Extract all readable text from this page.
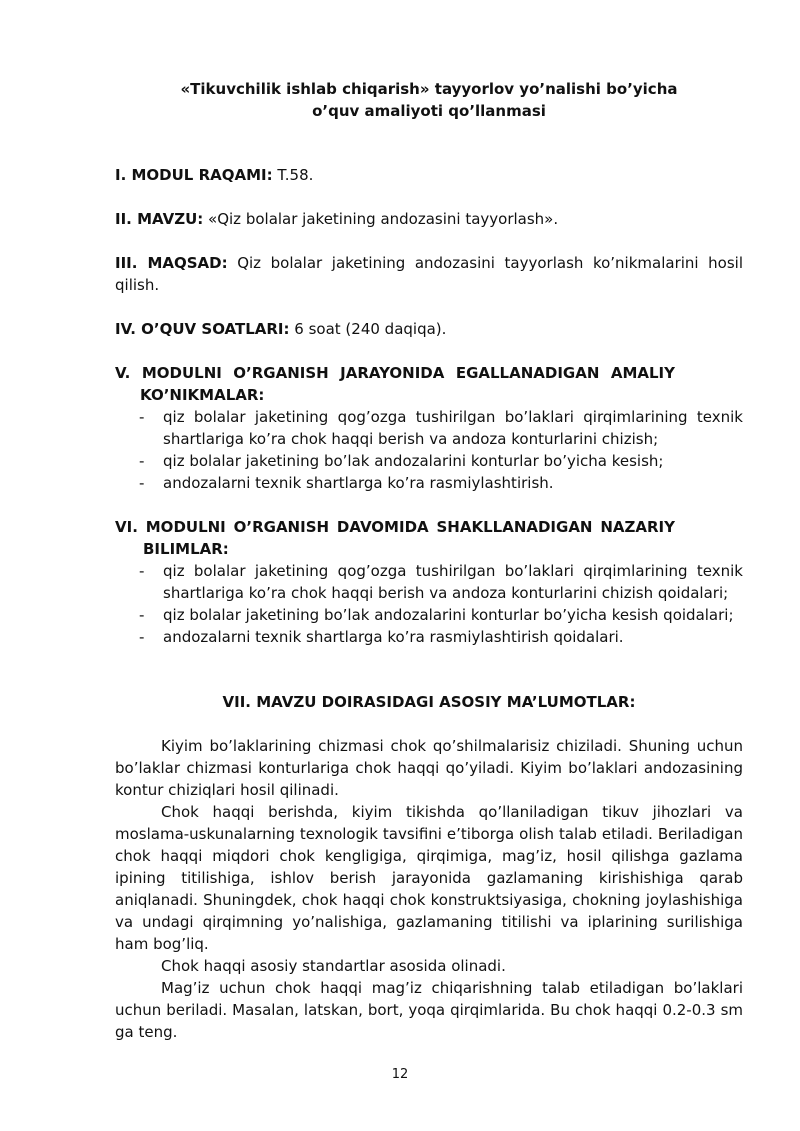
«Tikuvchilik ishlab chiqarish» tayyorlov yo’nalishi bo’yicha
o’quv amaliyoti qo’llanmasi
I. MODUL RAQAMI: T.58.
II. MAVZU: «Qiz bolalar jaketining andozasini tayyorlash».
III. MAQSAD: Qiz bolalar jaketining andozasini tayyorlash ko’nikmalarini hosil qilish.
IV. O’QUV SOATLARI: 6 soat (240 daqiqa).
V. MODULNI O’RGANISH JARAYONIDA EGALLANADIGAN AMALIY
KO’NIKMALAR:
- qiz bolalar jaketining qog’ozga tushirilgan bo’laklari qirqimlarining texnik shartlariga ko’ra chok haqqi berish va andoza konturlarini chizish;
- qiz bolalar jaketining bo’lak andozalarini konturlar bo’yicha kesish;
- andozalarni texnik shartlarga ko’ra rasmiylashtirish.
VI. MODULNI O’RGANISH DAVOMIDA SHAKLLANADIGAN NAZARIY
BILIMLAR:
- qiz bolalar jaketining qog’ozga tushirilgan bo’laklari qirqimlarining texnik shartlariga ko’ra chok haqqi berish va andoza konturlarini chizish qoidalari;
- qiz bolalar jaketining bo’lak andozalarini konturlar bo’yicha kesish qoidalari;
- andozalarni texnik shartlarga ko’ra rasmiylashtirish qoidalari.
VII. MAVZU DOIRASIDAGI ASOSIY MA’LUMOTLAR:

Kiyim bo’laklarining chizmasi chok qo’shilmalarisiz chiziladi. Shuning uchun bo’laklar chizmasi konturlariga chok haqqi qo’yiladi. Kiyim bo’laklari andozasining kontur chiziqlari hosil qilinadi.

Chok haqqi berishda, kiyim tikishda qo’llaniladigan tikuv jihozlari va moslama-uskunalarning texnologik tavsifini e’tiborga olish talab etiladi. Beriladigan chok haqqi miqdori chok kengligiga, qirqimiga, mag’iz, hosil qilishga gazlama ipining titilishiga, ishlov berish jarayonida gazlamaning kirishishiga qarab aniqlanadi. Shuningdek, chok haqqi chok konstruktsiyasiga, chokning joylashishiga va undagi qirqimning yo’nalishiga, gazlamaning titilishi va iplarining surilishiga ham bog’liq.

Chok haqqi asosiy standartlar asosida olinadi.

Mag’iz uchun chok haqqi mag’iz chiqarishning talab etiladigan bo’laklari uchun beriladi. Masalan, latskan, bort, yoqa qirqimlarida. Bu chok haqqi 0.2-0.3 sm ga teng.

12
